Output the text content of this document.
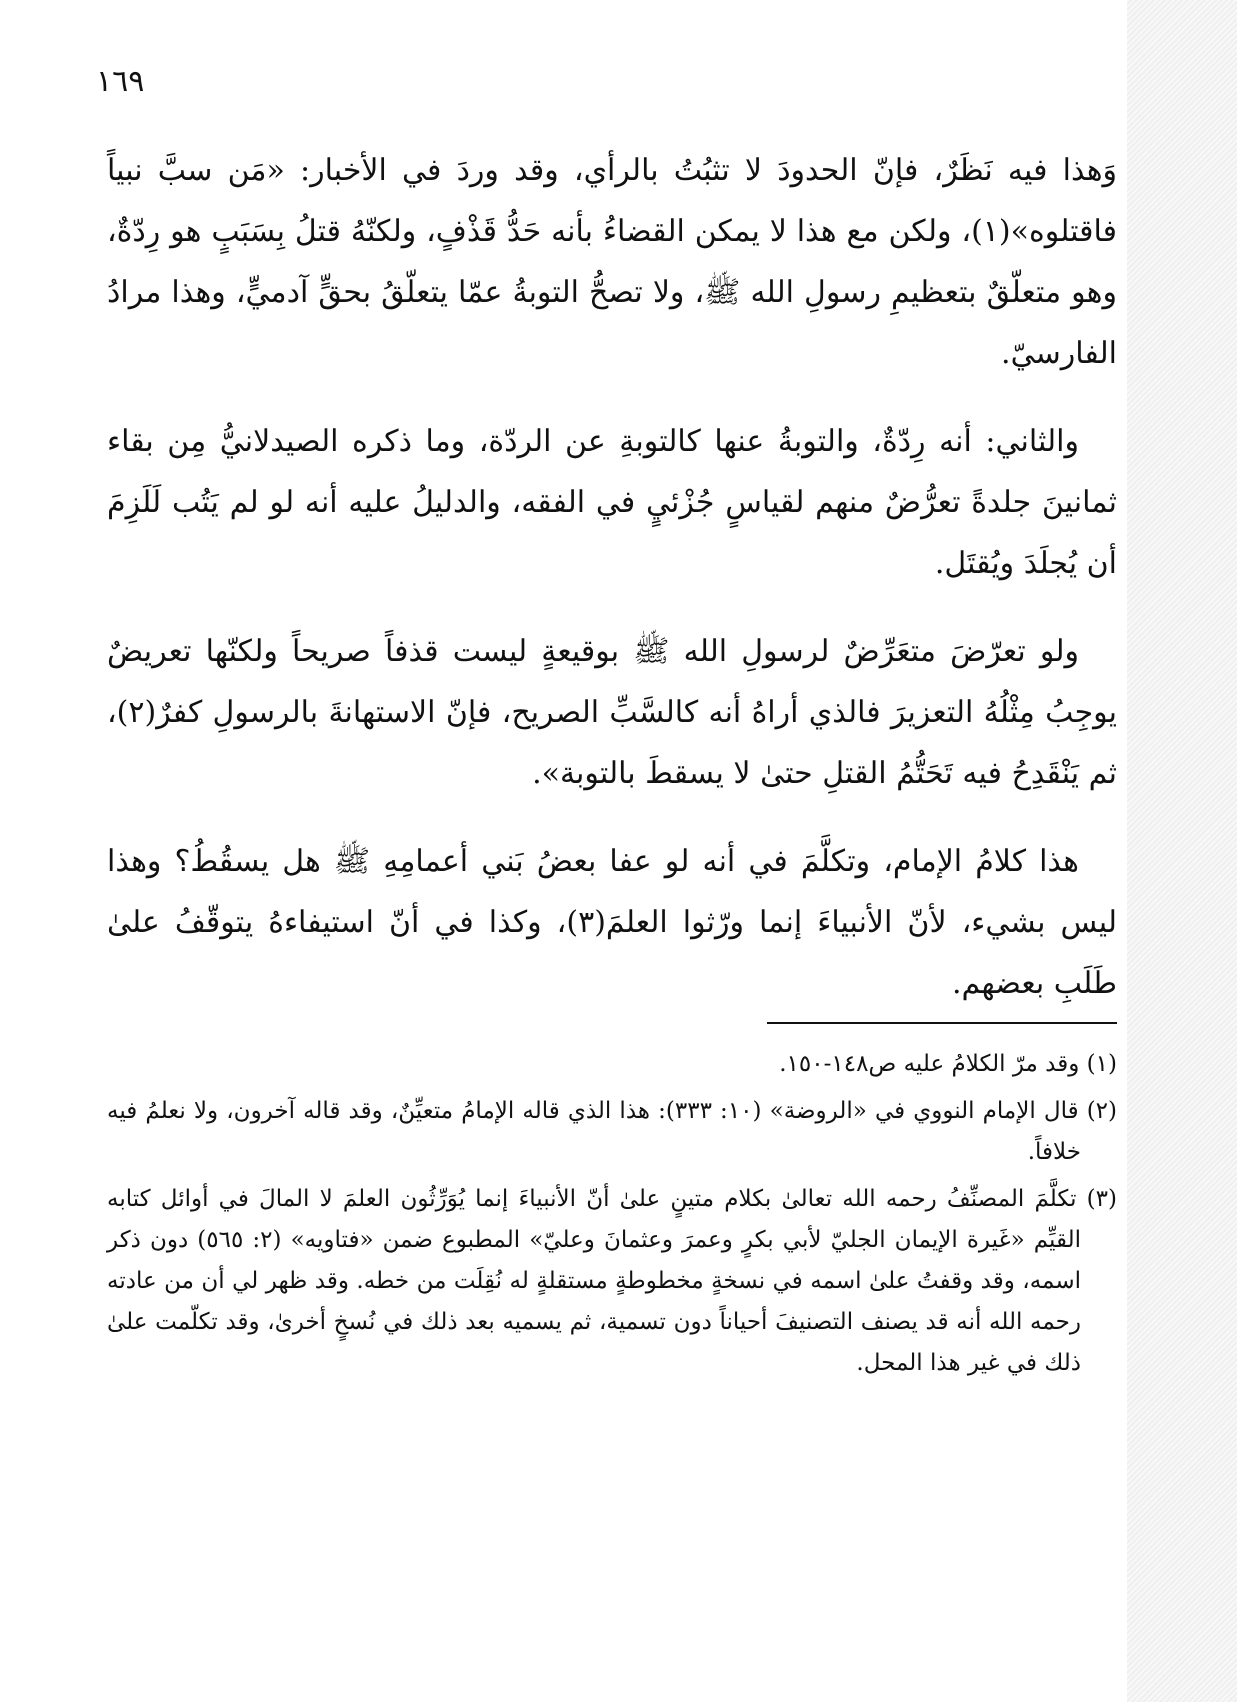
١٦٩

وَهذا فيه نَظَرٌ، فإنّ الحدودَ لا تثبُتُ بالرأي، وقد وردَ في الأخبار: «مَن سبَّ نبياً فاقتلوه»(١)، ولكن مع هذا لا يمكن القضاءُ بأنه حَدُّ قَذْفٍ، ولكنّهُ قتلُ بِسَبَبٍ هو رِدّةٌ، وهو متعلّقٌ بتعظيمِ رسولِ الله ﷺ، ولا تصحُّ التوبةُ عمّا يتعلّقُ بحقٍّ آدميٍّ، وهذا مرادُ الفارسيّ.

والثاني: أنه رِدّةٌ، والتوبةُ عنها كالتوبةِ عن الردّة، وما ذكره الصيدلانيُّ مِن بقاء ثمانينَ جلدةً تعرُّضٌ منهم لقياسٍ جُزْئيٍ في الفقه، والدليلُ عليه أنه لو لم يَتُب لَلَزِمَ أن يُجلَدَ ويُقتَل.

ولو تعرّضَ متعَرِّضٌ لرسولِ الله ﷺ بوقيعةٍ ليست قذفاً صريحاً ولكنّها تعريضٌ يوجِبُ مِثْلُهُ التعزيرَ فالذي أراهُ أنه كالسَّبِّ الصريح، فإنّ الاستهانةَ بالرسولِ كفرٌ(٢)، ثم يَنْقَدِحُ فيه تَحَتُّمُ القتلِ حتىٰ لا يسقطَ بالتوبة».

هذا كلامُ الإمام، وتكلَّمَ في أنه لو عفا بعضُ بَني أعمامِهِ ﷺ هل يسقُطُ؟ وهذا ليس بشيء، لأنّ الأنبياءَ إنما ورّثوا العلمَ(٣)، وكذا في أنّ استيفاءهُ يتوقّفُ علىٰ طَلَبِ بعضهم.

(١) وقد مرّ الكلامُ عليه ص١٤٨-١٥٠.

(٢) قال الإمام النووي في «الروضة» (١٠: ٣٣٣): هذا الذي قاله الإمامُ متعيِّنٌ، وقد قاله آخرون، ولا نعلمُ فيه خلافاً.

(٣) تكلَّمَ المصنِّفُ رحمه الله تعالىٰ بكلام متينٍ علىٰ أنّ الأنبياءَ إنما يُوَرِّثُون العلمَ لا المالَ في أوائل كتابه القيِّم «غَيرة الإيمان الجليّ لأبي بكرٍ وعمرَ وعثمانَ وعليّ» المطبوع ضمن «فتاويه» (٢: ٥٦٥) دون ذكر اسمه، وقد وقفتُ علىٰ اسمه في نسخةٍ مخطوطةٍ مستقلةٍ له نُقِلَت من خطه. وقد ظهر لي أن من عادته رحمه الله أنه قد يصنف التصنيفَ أحياناً دون تسمية، ثم يسميه بعد ذلك في نُسخٍ أخرىٰ، وقد تكلّمت علىٰ ذلك في غير هذا المحل.
